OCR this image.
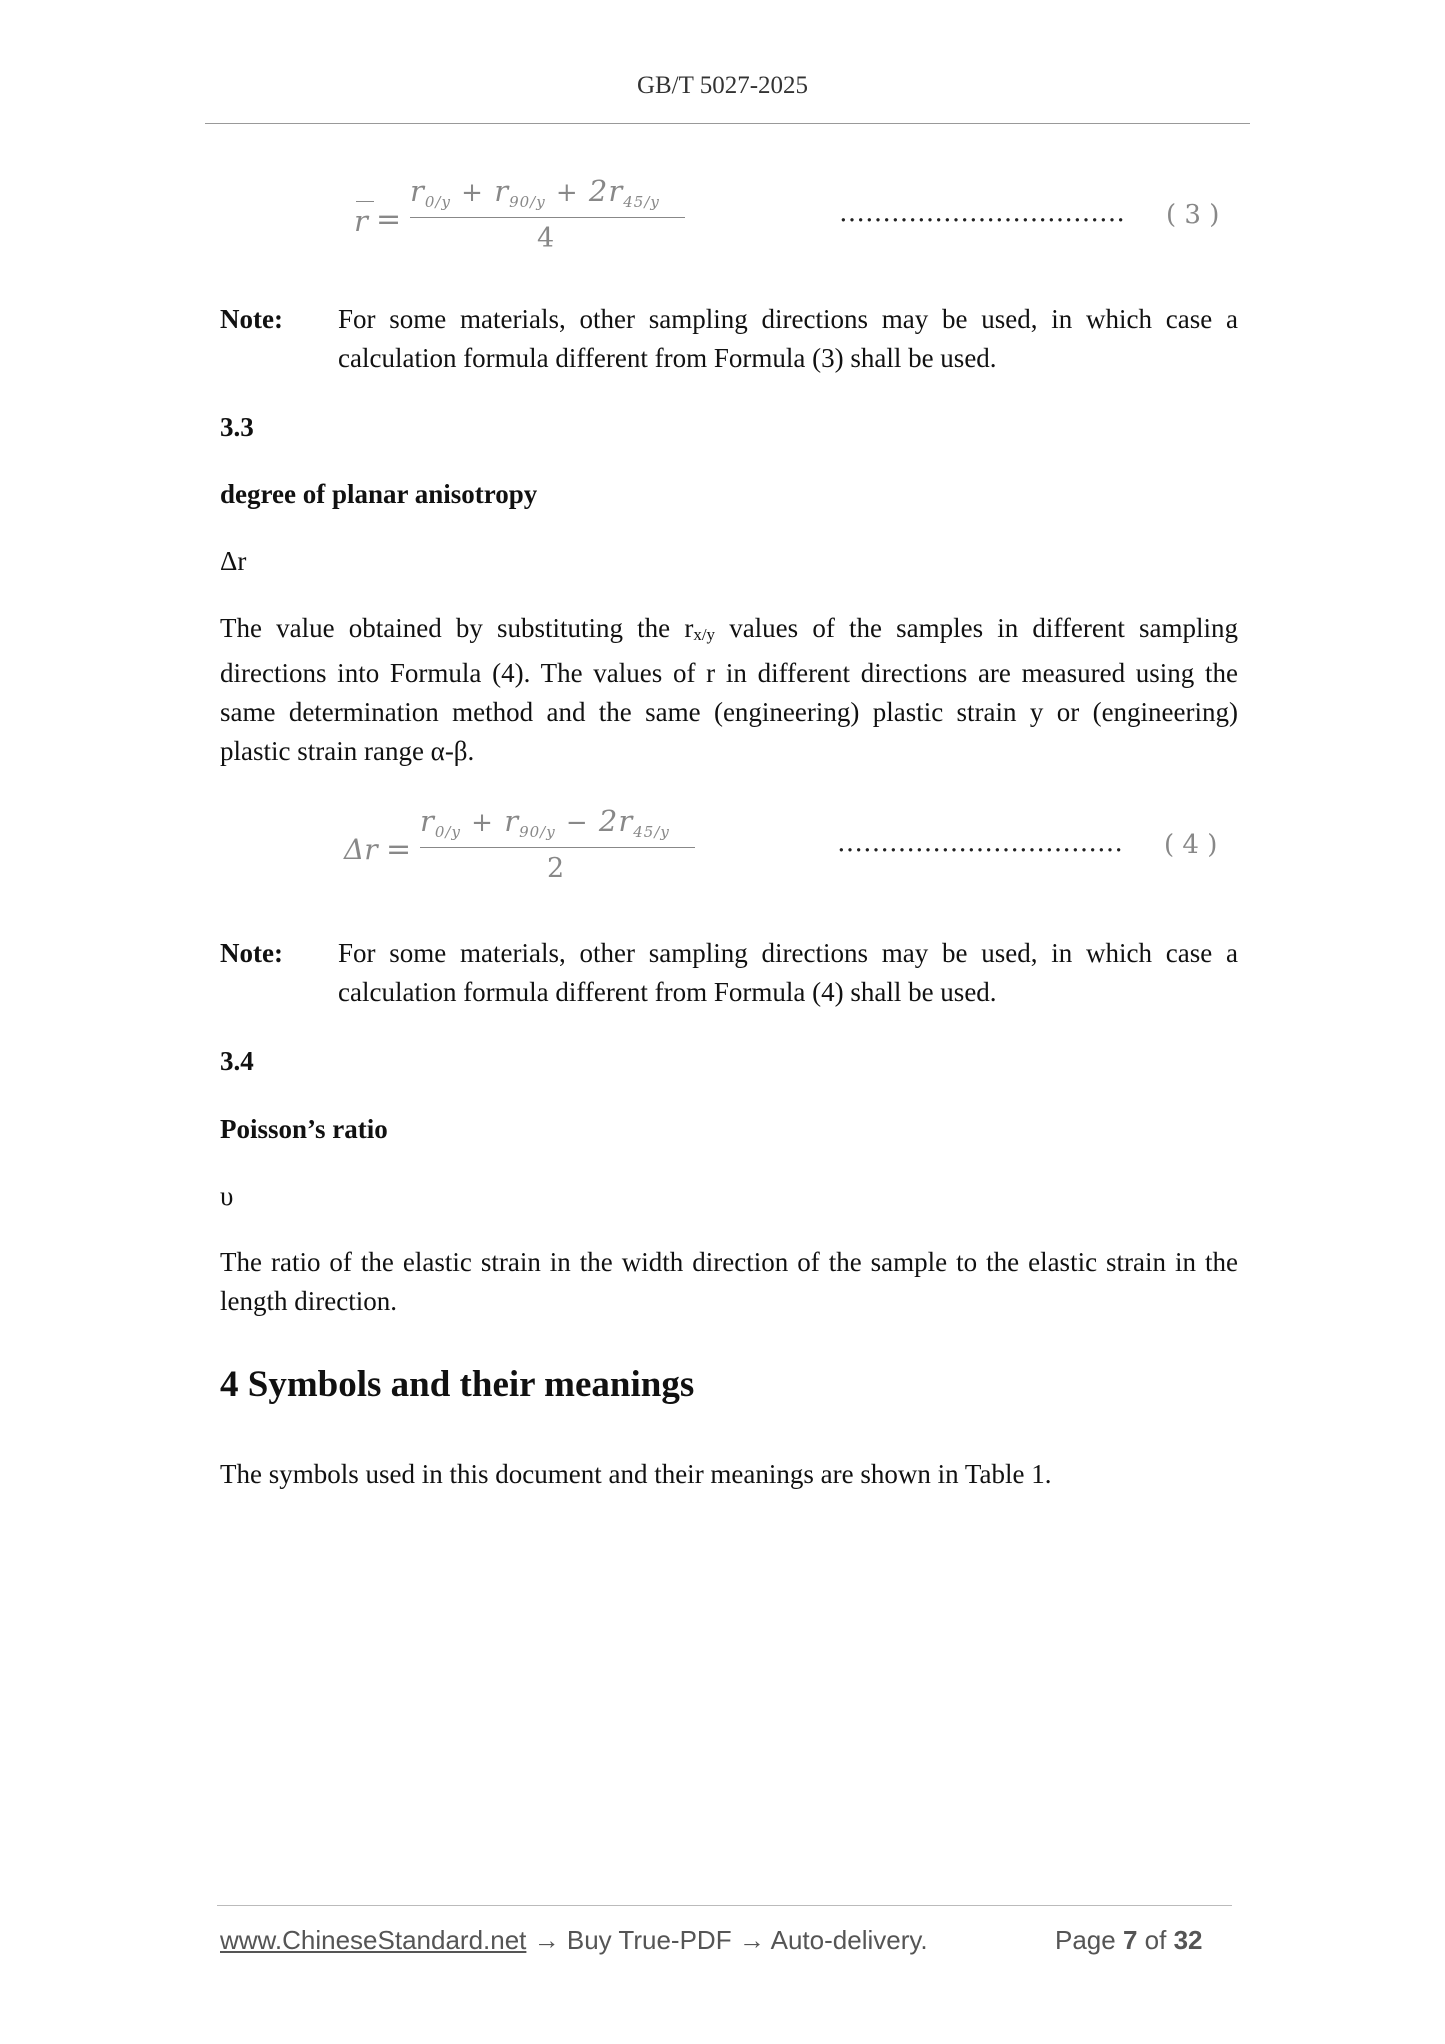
GB/T 5027-2025
r =
$r_{0/y} + r_{90/y} + 2r_{45/y}$
4
…………………………… ( 3 )
Note: For some materials, other sampling directions may be used, in which case a calculation formula different from Formula (3) shall be used.
3.3
degree of planar anisotropy
Δr
The value obtained by substituting the $r_{x/y}$ values of the samples in different sampling directions into Formula (4). The values of r in different directions are measured using the same determination method and the same (engineering) plastic strain y or (engineering) plastic strain range α-β.
Δr =
$r_{0/y} + r_{90/y} - 2r_{45/y}$
2
…………………………… ( 4 )
Note: For some materials, other sampling directions may be used, in which case a calculation formula different from Formula (4) shall be used.
3.4
Poisson’s ratio
υ
The ratio of the elastic strain in the width direction of the sample to the elastic strain in the length direction.
4 Symbols and their meanings
The symbols used in this document and their meanings are shown in Table 1.
www.ChineseStandard.net → Buy True-PDF → Auto-delivery.	Page 7 of 32
